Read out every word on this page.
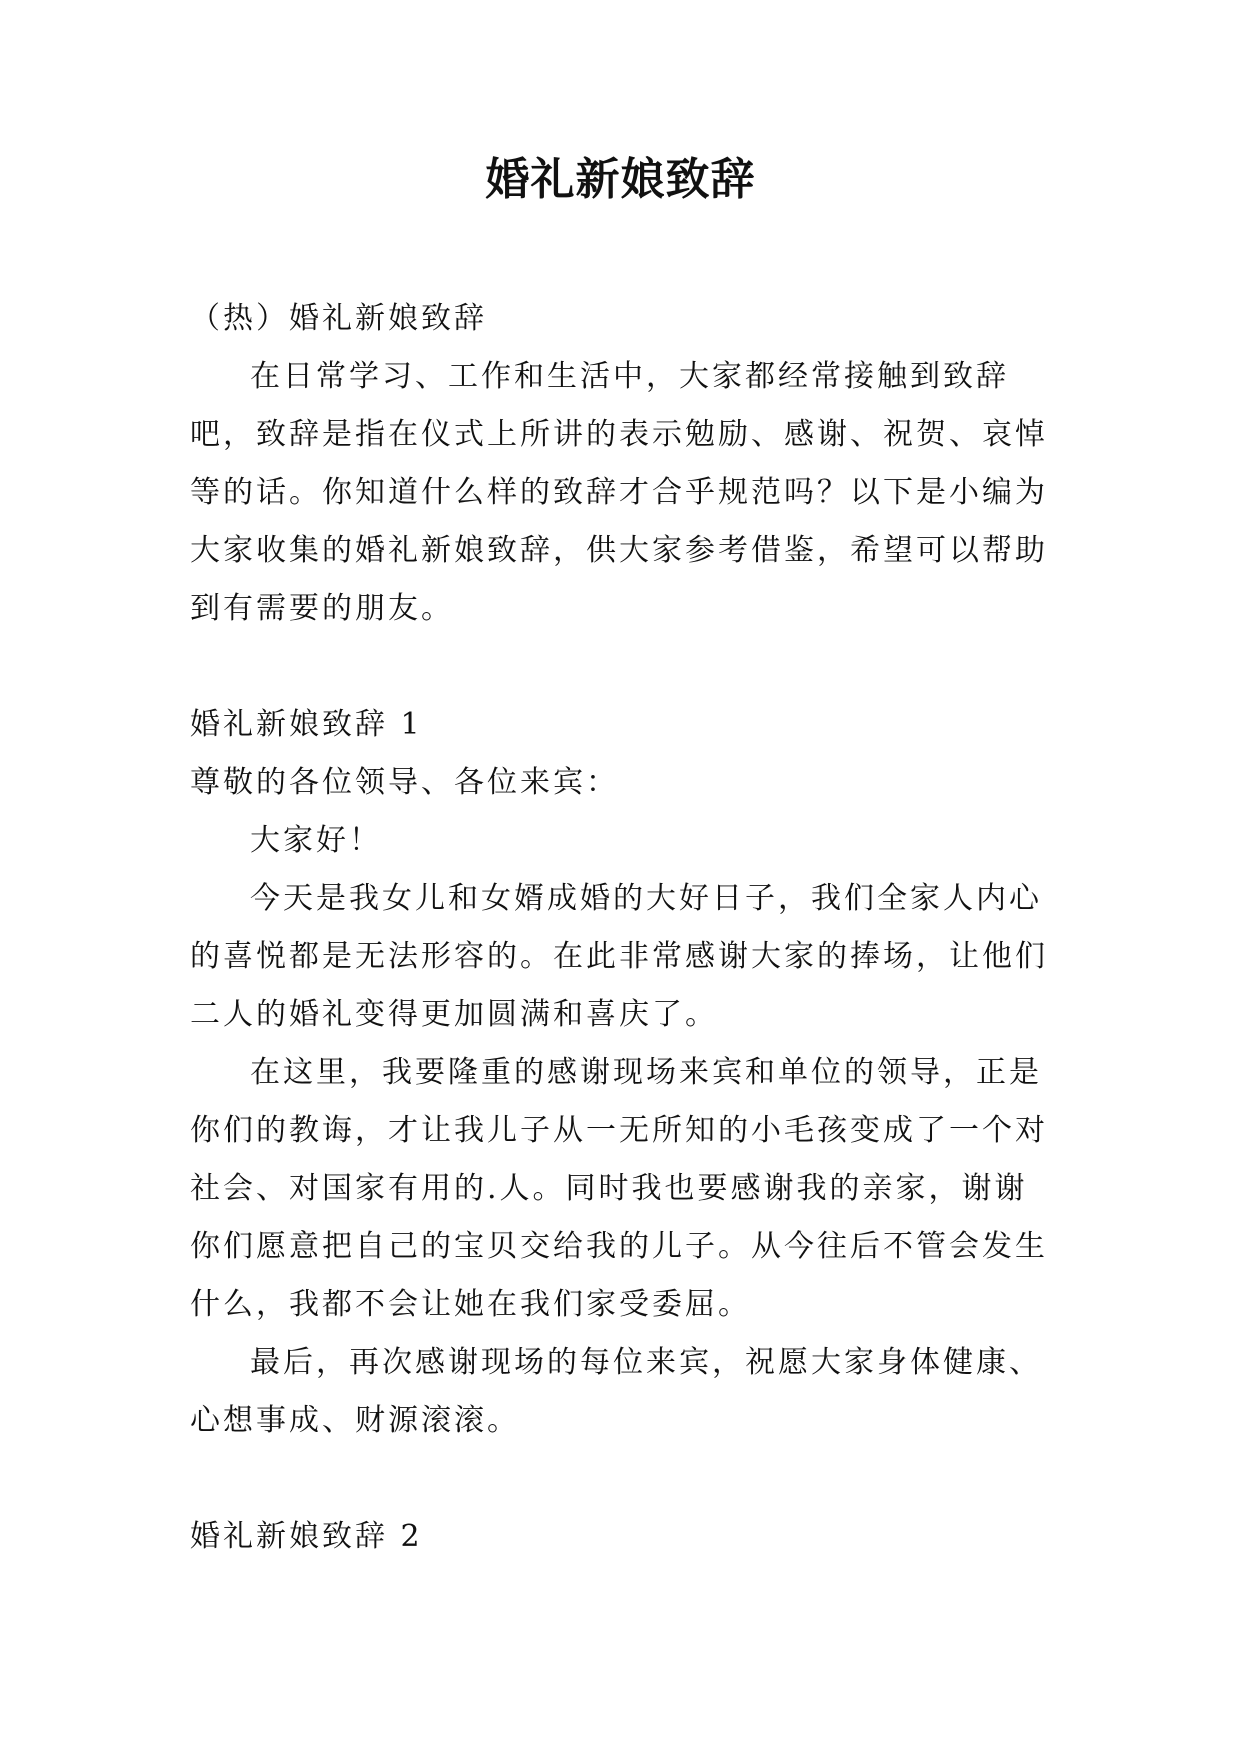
婚礼新娘致辞

（热）婚礼新娘致辞

在日常学习、工作和生活中，大家都经常接触到致辞吧，致辞是指在仪式上所讲的表示勉励、感谢、祝贺、哀悼等的话。你知道什么样的致辞才合乎规范吗？以下是小编为大家收集的婚礼新娘致辞，供大家参考借鉴，希望可以帮助到有需要的朋友。

婚礼新娘致辞 1

尊敬的各位领导、各位来宾：

大家好！

今天是我女儿和女婿成婚的大好日子，我们全家人内心的喜悦都是无法形容的。在此非常感谢大家的捧场，让他们二人的婚礼变得更加圆满和喜庆了。

在这里，我要隆重的感谢现场来宾和单位的领导，正是你们的教诲，才让我儿子从一无所知的小毛孩变成了一个对社会、对国家有用的.人。同时我也要感谢我的亲家，谢谢你们愿意把自己的宝贝交给我的儿子。从今往后不管会发生什么，我都不会让她在我们家受委屈。

最后，再次感谢现场的每位来宾，祝愿大家身体健康、心想事成、财源滚滚。

婚礼新娘致辞 2
